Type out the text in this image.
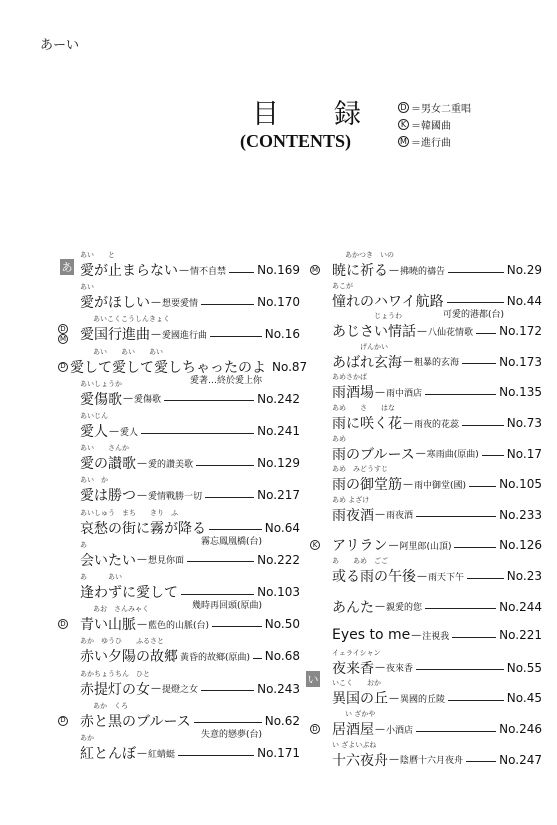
あーい
目　録
(CONTENTS)
D ＝男女二重唱
K ＝韓國曲
M ＝進行曲
あ
い
あい　　と
愛が止まらない — 情不自禁	No.169
あい
愛がほしい — 想要愛情	No.170
あいこくこうしんきょく
D
M 愛国行進曲 — 愛國進行曲	No.16
あい　　あい　　あい
D 愛して愛して愛しちゃったのよ No.87
愛著…終於愛上你
あいしょうか
愛傷歌 — 愛傷歌	No.242
あいじん
愛人 — 愛人	No.241
あい　　さんか
愛の讃歌 — 愛的讚美歌	No.129
あい　か
愛は勝つ — 愛情戰勝一切	No.217
あいしゅう　まち　　きり　ふ
哀愁の街に霧が降る	No.64
霧忘鳳凰橋(台)
あ
会いたい — 想見你面	No.222
あ　　　あい
逢わずに愛して	No.103
幾時再回頭(原曲)
あお　さんみゃく
D 青い山脈 — 藍色的山脈(台)	No.50
あか　ゆうひ　　ふるさと
赤い夕陽の故郷 黃昏的故鄉(原曲) No.68
あかちょうちん　ひと
赤提灯の女 — 提燈之女	No.243
あか　くろ
D 赤と黒のブルース	No.62
失意的戀夢(台)
あか
紅とんぼ — 紅蜻蜓	No.171
あかつき　いの
M 暁に祈る — 拂曉的禱告	No.29
あこが
憧れのハワイ航路	No.44
可愛的港都(台)
　　　　　　じょうわ
あじさい情話 — 八仙花情歌 No.172
　　　　げんかい
あばれ玄海 — 粗暴的玄海	No.173
あめさかば
雨酒場 — 雨中酒店	No.135
あめ　　さ　　はな
雨に咲く花 — 雨夜的花蕊	No.73
あめ
雨のブルース — 寒雨曲(原曲) No.17
あめ　みどうすじ
雨の御堂筋 — 雨中御堂(國)	No.105
あめ よざけ
雨夜酒 — 雨夜酒	No.233
K アリラン — 阿里郎(山頂)	No.126
あ　　あめ　ごご
或る雨の午後 — 雨天下午	No.23
あんた — 親愛的您	No.244
Eyes to me — 注視我	No.221
イェライシャン
夜来香 — 夜來香	No.55
いこく　　おか
異国の丘 — 異國的丘陵	No.45
い ざかや
D 居酒屋 — 小酒店	No.246
い ざよいぶね
十六夜舟 — 陰曆十六月夜舟	No.247
